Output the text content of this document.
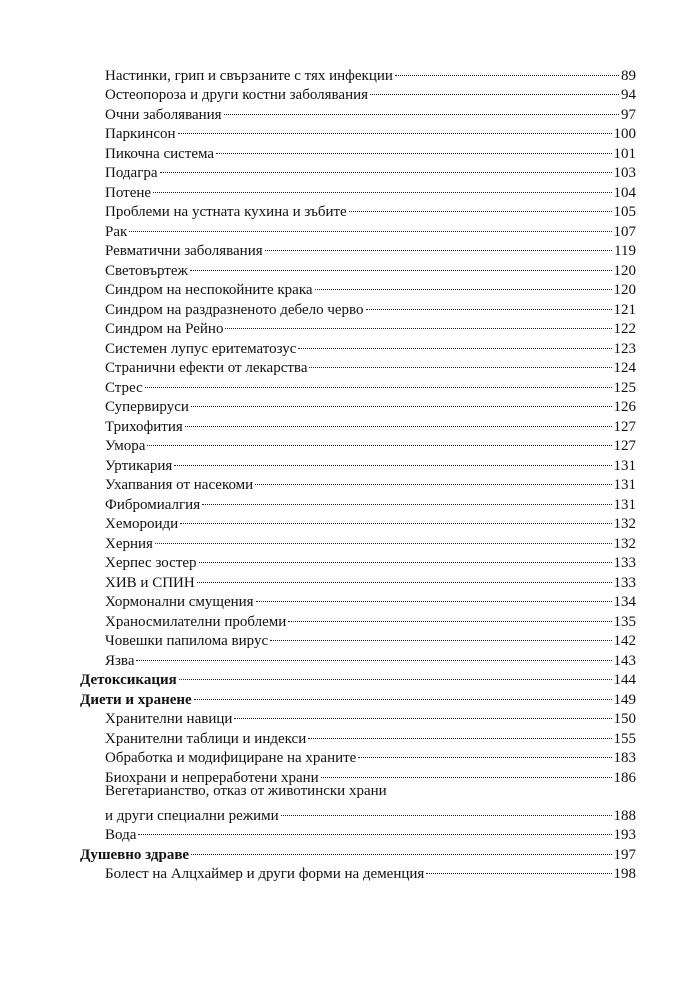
Настинки, грип и свързаните с тях инфекции	89
Остеопороза и други костни заболявания	94
Очни заболявания	97
Паркинсон	100
Пикочна система	101
Подагра	103
Потене	104
Проблеми на устната кухина и зъбите	105
Рак	107
Ревматични заболявания	119
Световъртеж	120
Синдром на неспокойните крака	120
Синдром на раздразненото дебело черво	121
Синдром на Рейно	122
Системен лупус еритематозус	123
Странични ефекти от лекарства	124
Стрес	125
Супервируси	126
Трихофития	127
Умора	127
Уртикария	131
Ухапвания от насекоми	131
Фибромиалгия	131
Хемороиди	132
Херния	132
Херпес зостер	133
ХИВ и СПИН	133
Хормонални смущения	134
Храносмилателни проблеми	135
Човешки папилома вирус	142
Язва	143
Детоксикация	144
Диети и хранене	149
Хранителни навици	150
Хранителни таблици и индекси	155
Обработка и модифициране на храните	183
Биохрани и непреработени храни	186
Вегетарианство, отказ от животински храни
и други специални режими	188
Вода	193
Душевно здраве	197
Болест на Алцхаймер и други форми на деменция	198
